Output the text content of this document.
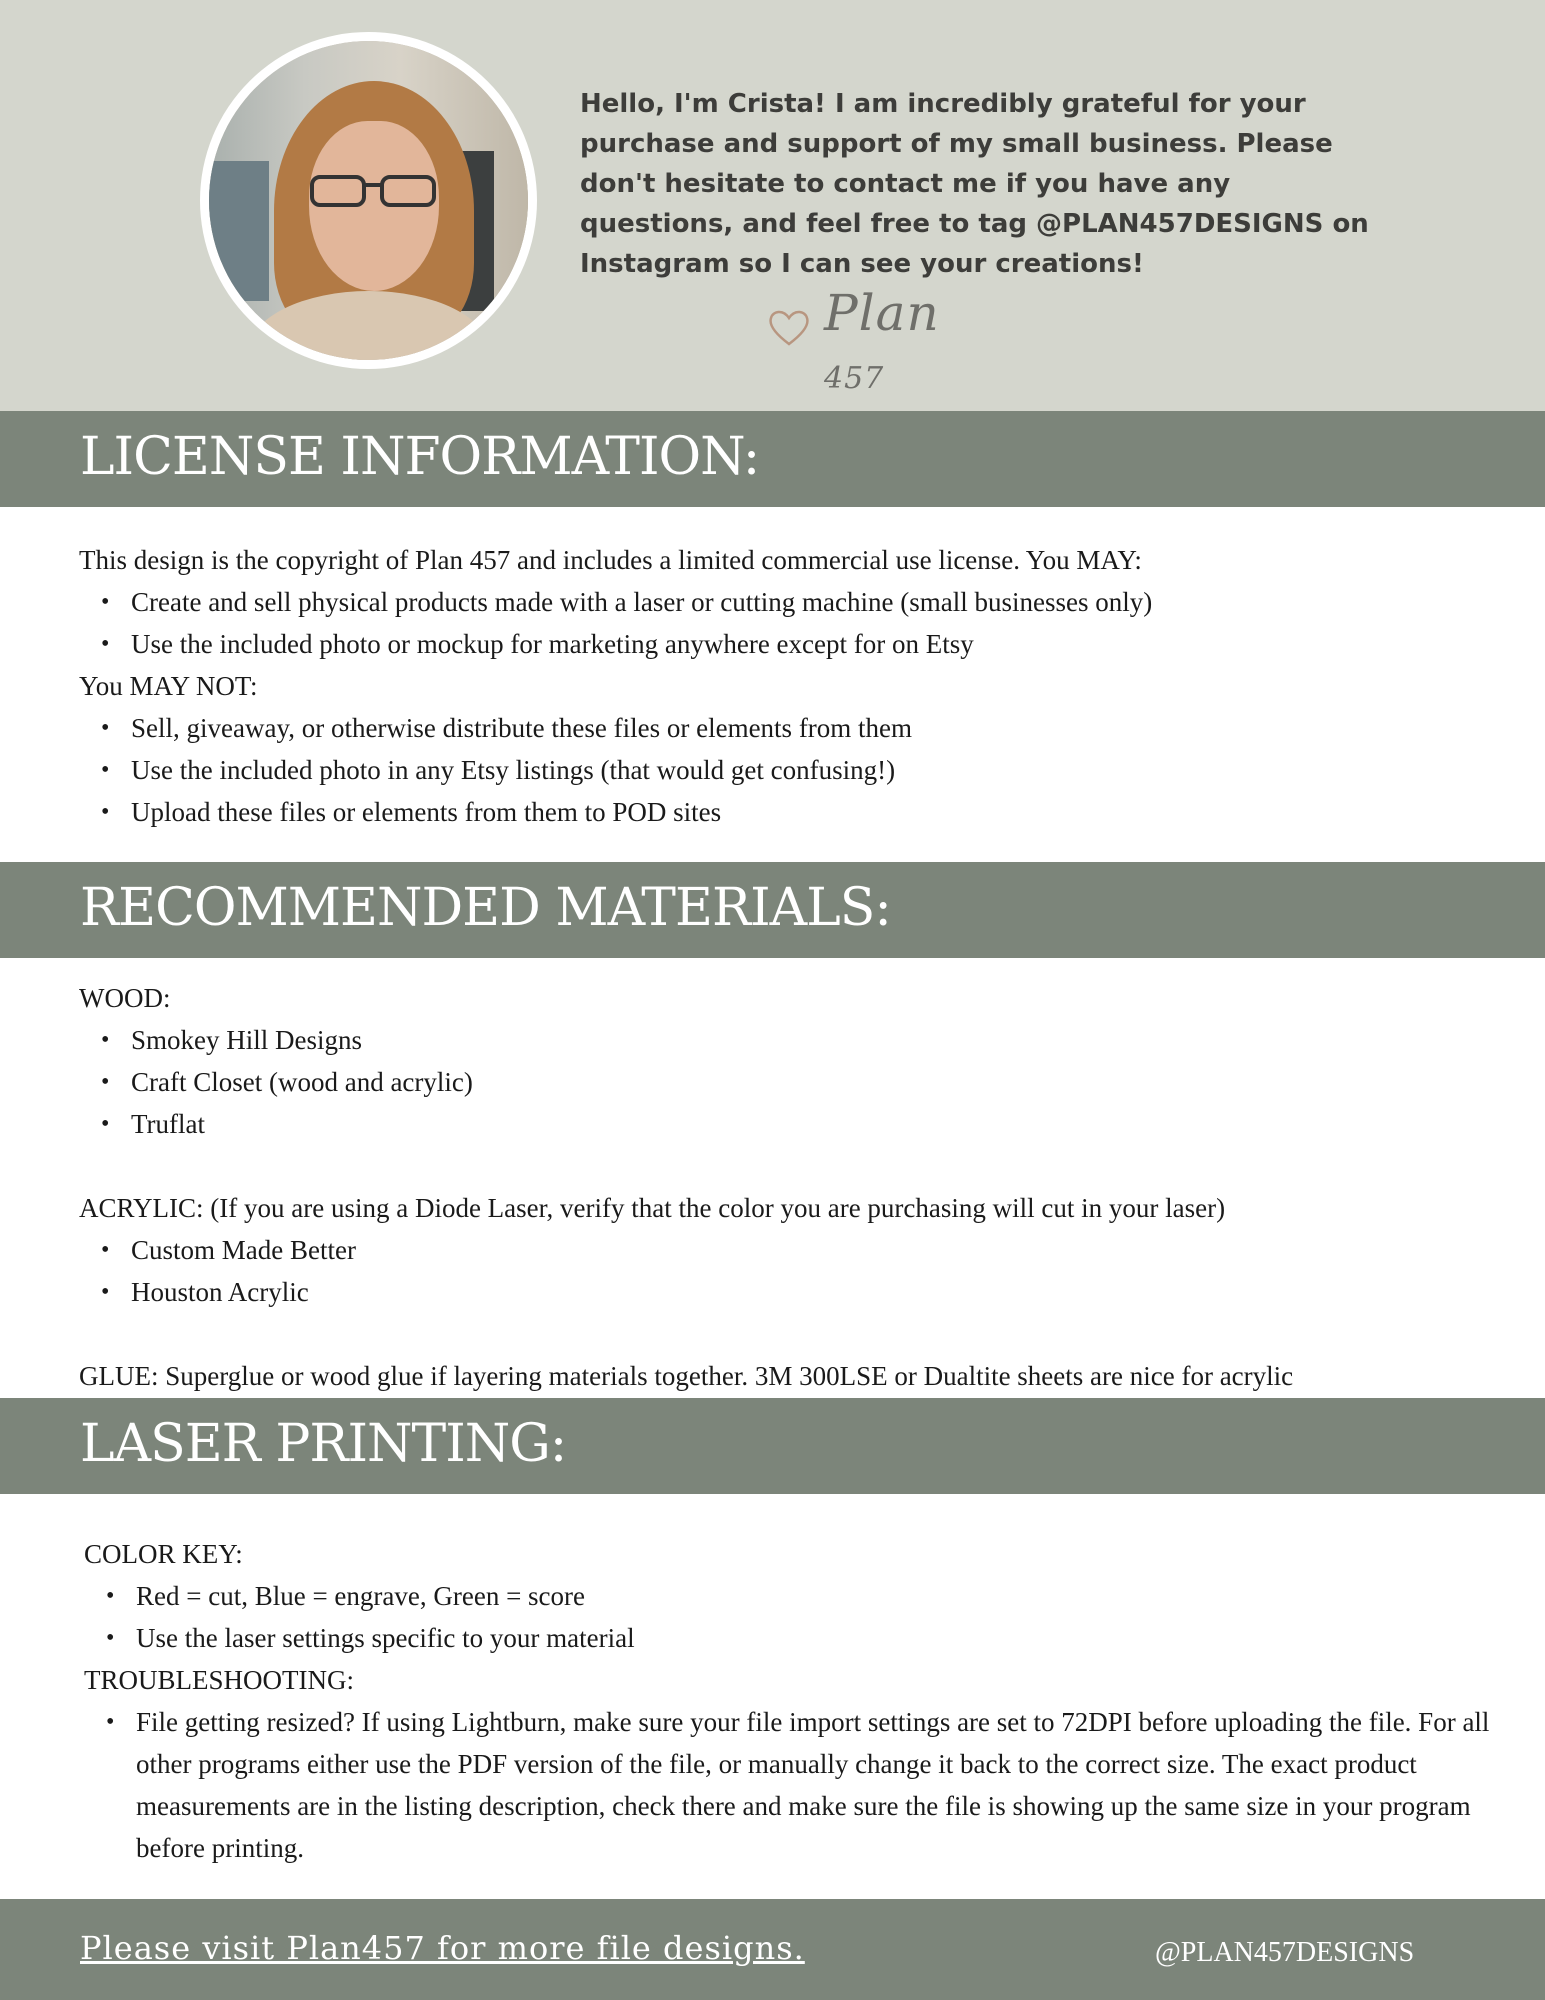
Hello, I'm Crista! I am incredibly grateful for your purchase and support of my small business. Please don't hesitate to contact me if you have any questions, and feel free to tag @PLAN457DESIGNS on Instagram so I can see your creations!
Plan 457
LICENSE INFORMATION:

This design is the copyright of Plan 457 and includes a limited commercial use license. You MAY:

• Create and sell physical products made with a laser or cutting machine (small businesses only)
• Use the included photo or mockup for marketing anywhere except for on Etsy

You MAY NOT:

• Sell, giveaway, or otherwise distribute these files or elements from them
• Use the included photo in any Etsy listings (that would get confusing!)
• Upload these files or elements from them to POD sites
RECOMMENDED MATERIALS:

WOOD:

• Smokey Hill Designs
• Craft Closet (wood and acrylic)
• Truflat

ACRYLIC: (If you are using a Diode Laser, verify that the color you are purchasing will cut in your laser)

• Custom Made Better
• Houston Acrylic

GLUE: Superglue or wood glue if layering materials together. 3M 300LSE or Dualtite sheets are nice for acrylic

LASER PRINTING:

COLOR KEY:

• Red = cut, Blue = engrave, Green = score
• Use the laser settings specific to your material

TROUBLESHOOTING:

• File getting resized? If using Lightburn, make sure your file import settings are set to 72DPI before uploading the file. For all other programs either use the PDF version of the file, or manually change it back to the correct size. The exact product measurements are in the listing description, check there and make sure the file is showing up the same size in your program before printing.
Please visit Plan457 for more file designs.	@PLAN457DESIGNS
